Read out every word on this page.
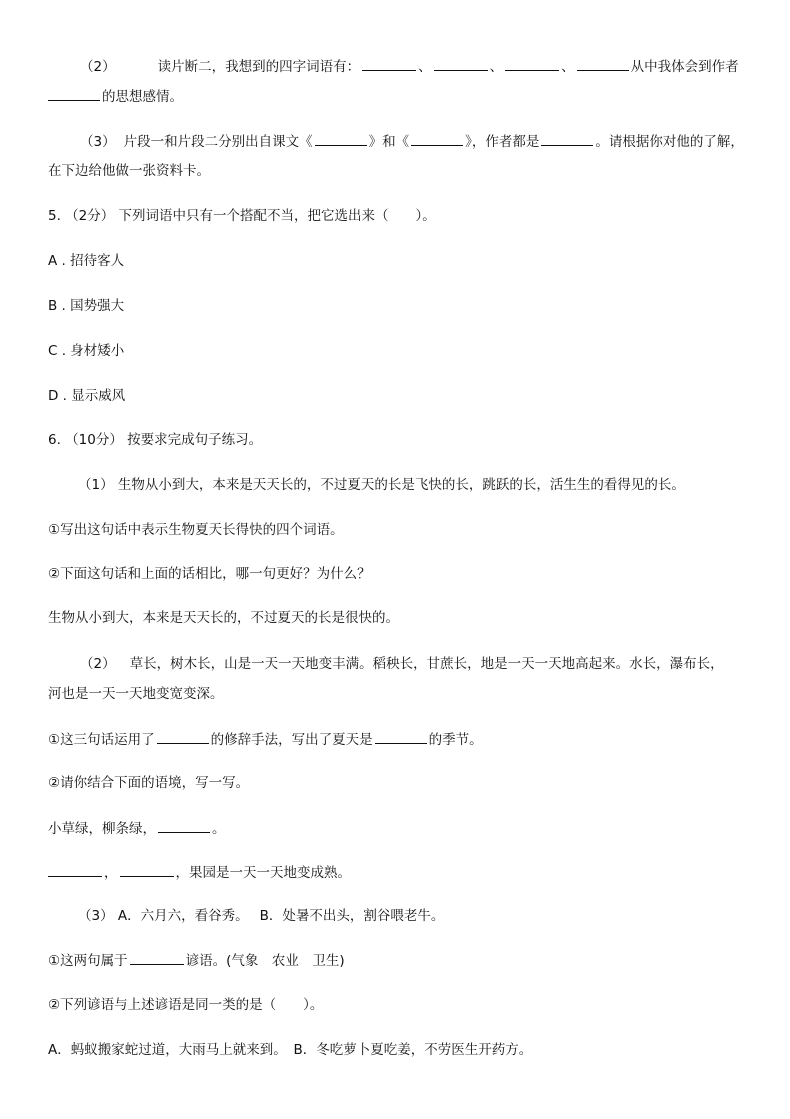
（2）	读片断二，我想到的四字词语有：	、	、	、	从中我体会到作者
的思想感情。
（3） 片段一和片段二分别出自课文《	》和《	》，作者都是	。请根据你对他的了解，
在下边给他做一张资料卡。
5. （2分） 下列词语中只有一个搭配不当，把它选出来（　　）。
A . 招待客人
B . 国势强大
C . 身材矮小
D . 显示威风
6. （10分） 按要求完成句子练习。
（1） 生物从小到大，本来是天天长的，不过夏天的长是飞快的长，跳跃的长，活生生的看得见的长。
①写出这句话中表示生物夏天长得快的四个词语。
②下面这句话和上面的话相比，哪一句更好？为什么？
生物从小到大，本来是天天长的，不过夏天的长是很快的。
（2） 草长，树木长，山是一天一天地变丰满。稻秧长，甘蔗长，地是一天一天地高起来。水长，瀑布长，
河也是一天一天地变宽变深。
①这三句话运用了	的修辞手法，写出了夏天是	的季节。
②请你结合下面的语境，写一写。
小草绿，柳条绿，	。
，	，果园是一天一天地变成熟。
（3） A．六月六，看谷秀。　 B．处暑不出头，割谷喂老牛。
①这两句属于	谚语。(气象　农业　卫生)
②下列谚语与上述谚语是同一类的是（　　）。
A．蚂蚁搬家蛇过道，大雨马上就来到。　B．冬吃萝卜夏吃姜，不劳医生开药方。
